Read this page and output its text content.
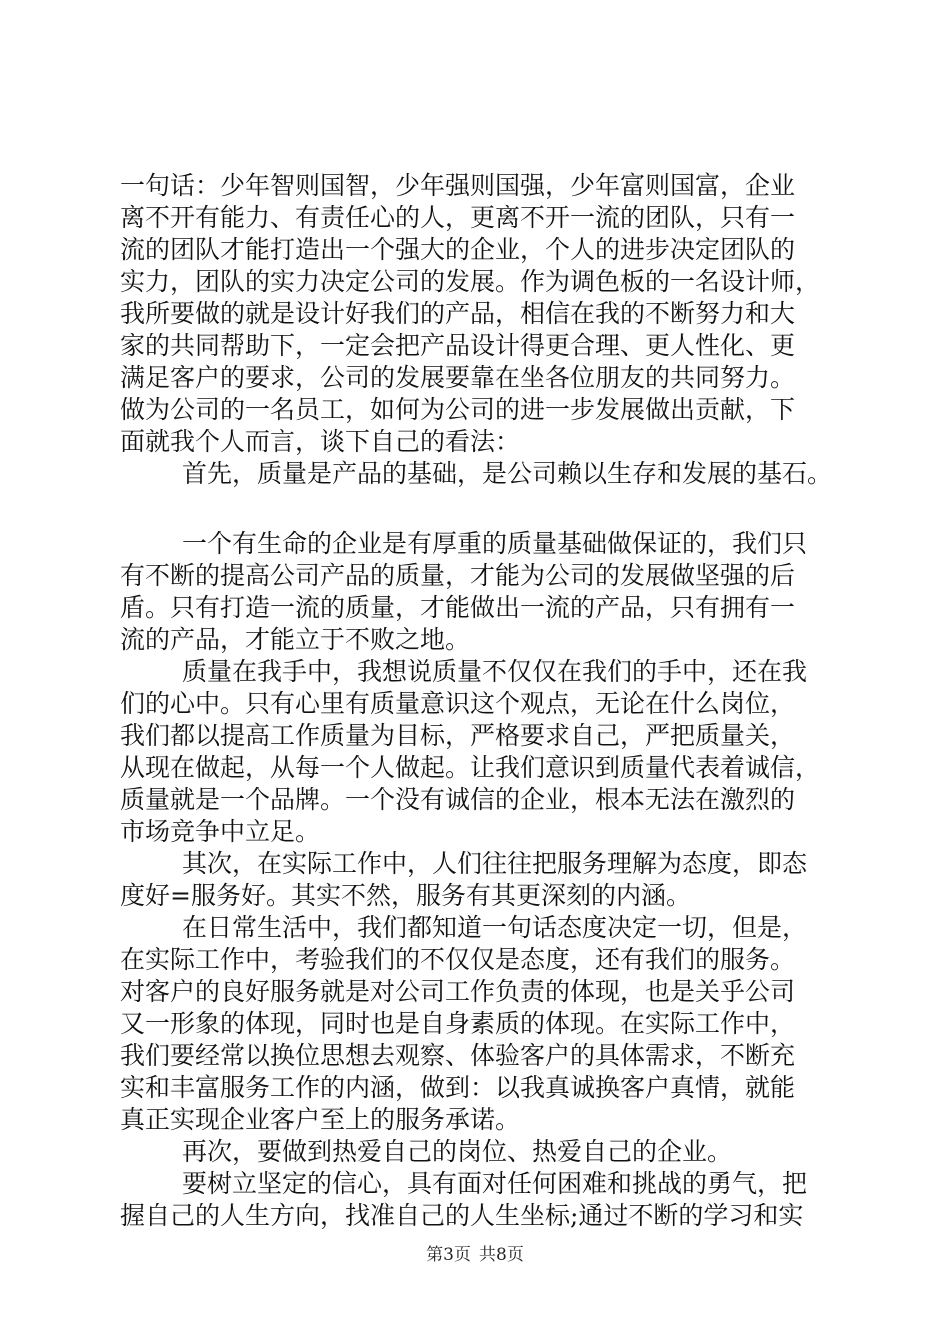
一句话：少年智则国智，少年强则国强，少年富则国富，企业
离不开有能力、有责任心的人，更离不开一流的团队，只有一
流的团队才能打造出一个强大的企业，个人的进步决定团队的
实力，团队的实力决定公司的发展。作为调色板的一名设计师，
我所要做的就是设计好我们的产品，相信在我的不断努力和大
家的共同帮助下，一定会把产品设计得更合理、更人性化、更
满足客户的要求，公司的发展要靠在坐各位朋友的共同努力。
做为公司的一名员工，如何为公司的进一步发展做出贡献，下
面就我个人而言，谈下自己的看法：
首先，质量是产品的基础，是公司赖以生存和发展的基石。
一个有生命的企业是有厚重的质量基础做保证的，我们只
有不断的提高公司产品的质量，才能为公司的发展做坚强的后
盾。只有打造一流的质量，才能做出一流的产品，只有拥有一
流的产品，才能立于不败之地。
质量在我手中，我想说质量不仅仅在我们的手中，还在我
们的心中。只有心里有质量意识这个观点，无论在什么岗位，
我们都以提高工作质量为目标，严格要求自己，严把质量关，
从现在做起，从每一个人做起。让我们意识到质量代表着诚信，
质量就是一个品牌。一个没有诚信的企业，根本无法在激烈的
市场竞争中立足。
其次，在实际工作中，人们往往把服务理解为态度，即态
度好=服务好。其实不然，服务有其更深刻的内涵。
在日常生活中，我们都知道一句话态度决定一切，但是，
在实际工作中，考验我们的不仅仅是态度，还有我们的服务。
对客户的良好服务就是对公司工作负责的体现，也是关乎公司
又一形象的体现，同时也是自身素质的体现。在实际工作中，
我们要经常以换位思想去观察、体验客户的具体需求，不断充
实和丰富服务工作的内涵，做到：以我真诚换客户真情，就能
真正实现企业客户至上的服务承诺。
再次，要做到热爱自己的岗位、热爱自己的企业。
要树立坚定的信心，具有面对任何困难和挑战的勇气，把
握自己的人生方向，找准自己的人生坐标;通过不断的学习和实
第3页 共8页
